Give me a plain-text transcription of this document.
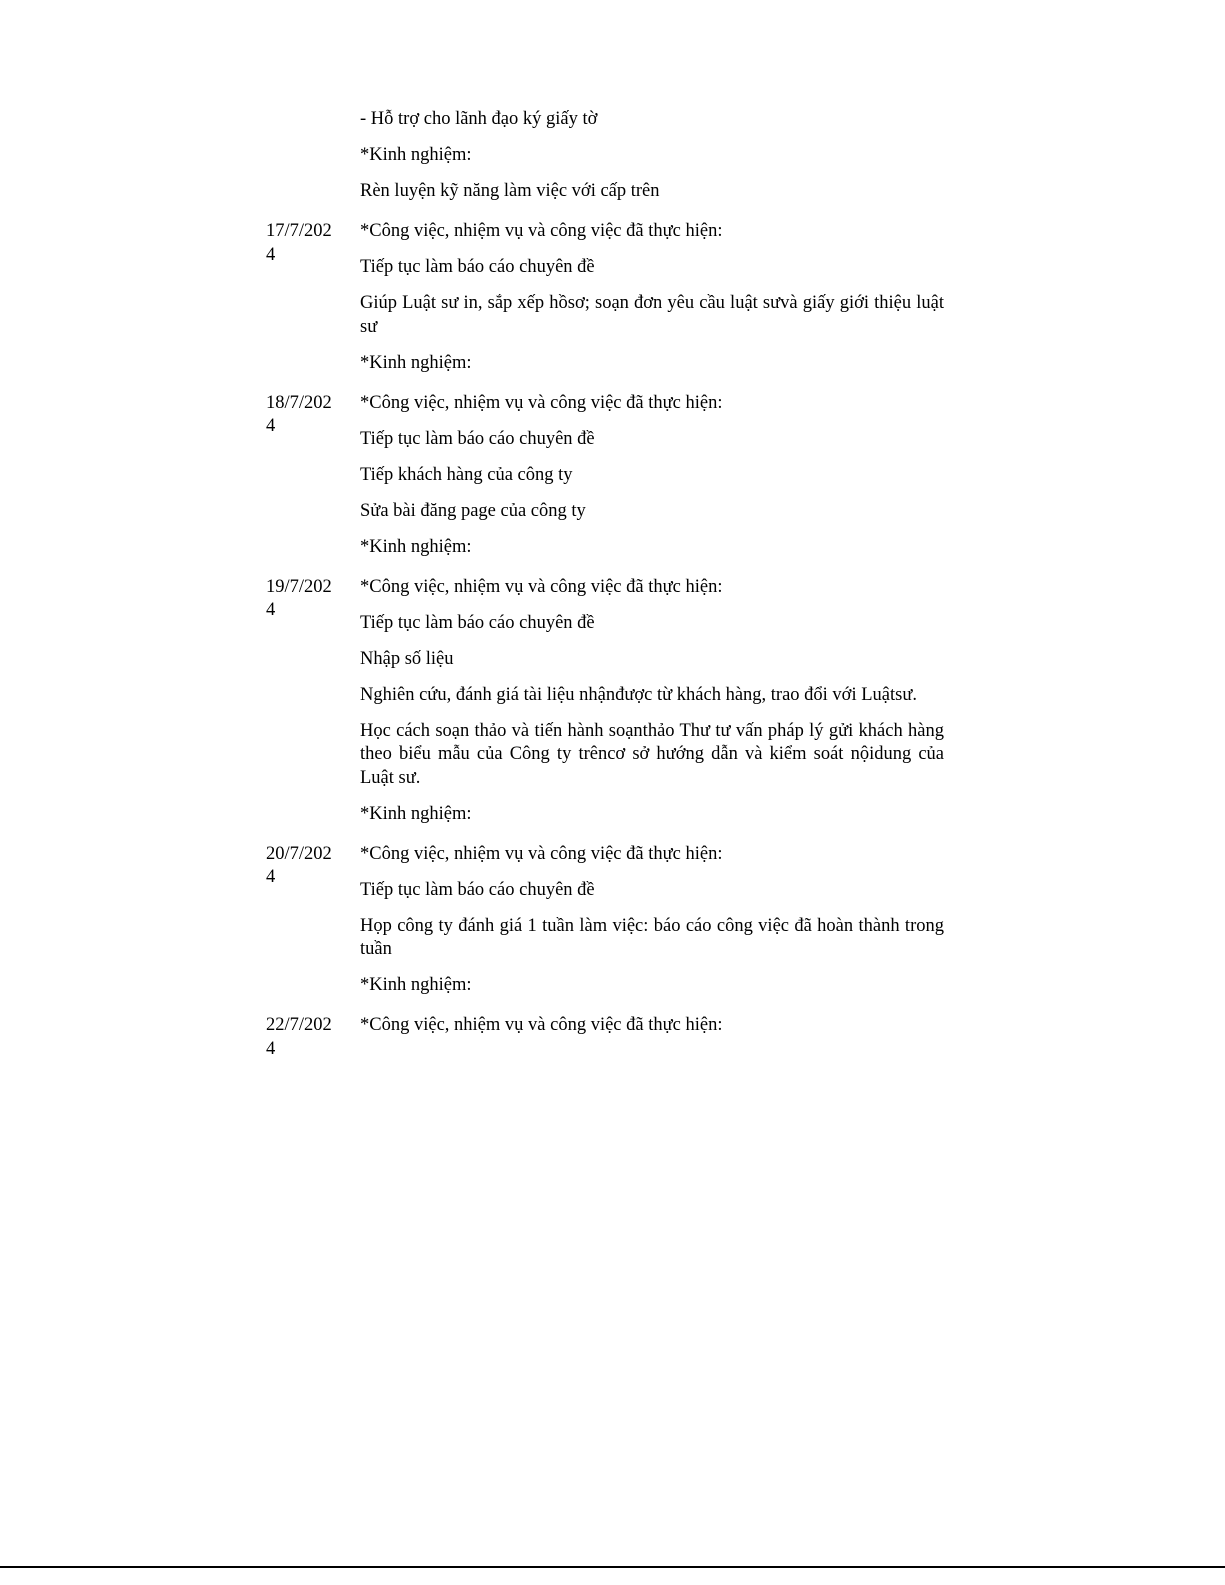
- Hỗ trợ cho lãnh đạo ký giấy tờ

*Kinh nghiệm:

Rèn luyện kỹ năng làm việc với cấp trên

17/7/2024

*Công việc, nhiệm vụ và công việc đã thực hiện:

Tiếp tục làm báo cáo chuyên đề

Giúp Luật sư in, sắp xếp hồsơ; soạn đơn yêu cầu luật sưvà giấy giới thiệu luật sư

*Kinh nghiệm:

18/7/2024

*Công việc, nhiệm vụ và công việc đã thực hiện:

Tiếp tục làm báo cáo chuyên đề

Tiếp khách hàng của công ty

Sửa bài đăng page của công ty

*Kinh nghiệm:

19/7/2024

*Công việc, nhiệm vụ và công việc đã thực hiện:

Tiếp tục làm báo cáo chuyên đề

Nhập số liệu

Nghiên cứu, đánh giá tài liệu nhậnđược từ khách hàng, trao đổi với Luậtsư.

Học cách soạn thảo và tiến hành soạnthảo Thư tư vấn pháp lý gửi khách hàng theo biểu mẫu của Công ty trêncơ sở hướng dẫn và kiểm soát nộidung của Luật sư.

*Kinh nghiệm:

20/7/2024

*Công việc, nhiệm vụ và công việc đã thực hiện:

Tiếp tục làm báo cáo chuyên đề

Họp công ty đánh giá 1 tuần làm việc: báo cáo công việc đã hoàn thành trong tuần

*Kinh nghiệm:

22/7/2024

*Công việc, nhiệm vụ và công việc đã thực hiện:
